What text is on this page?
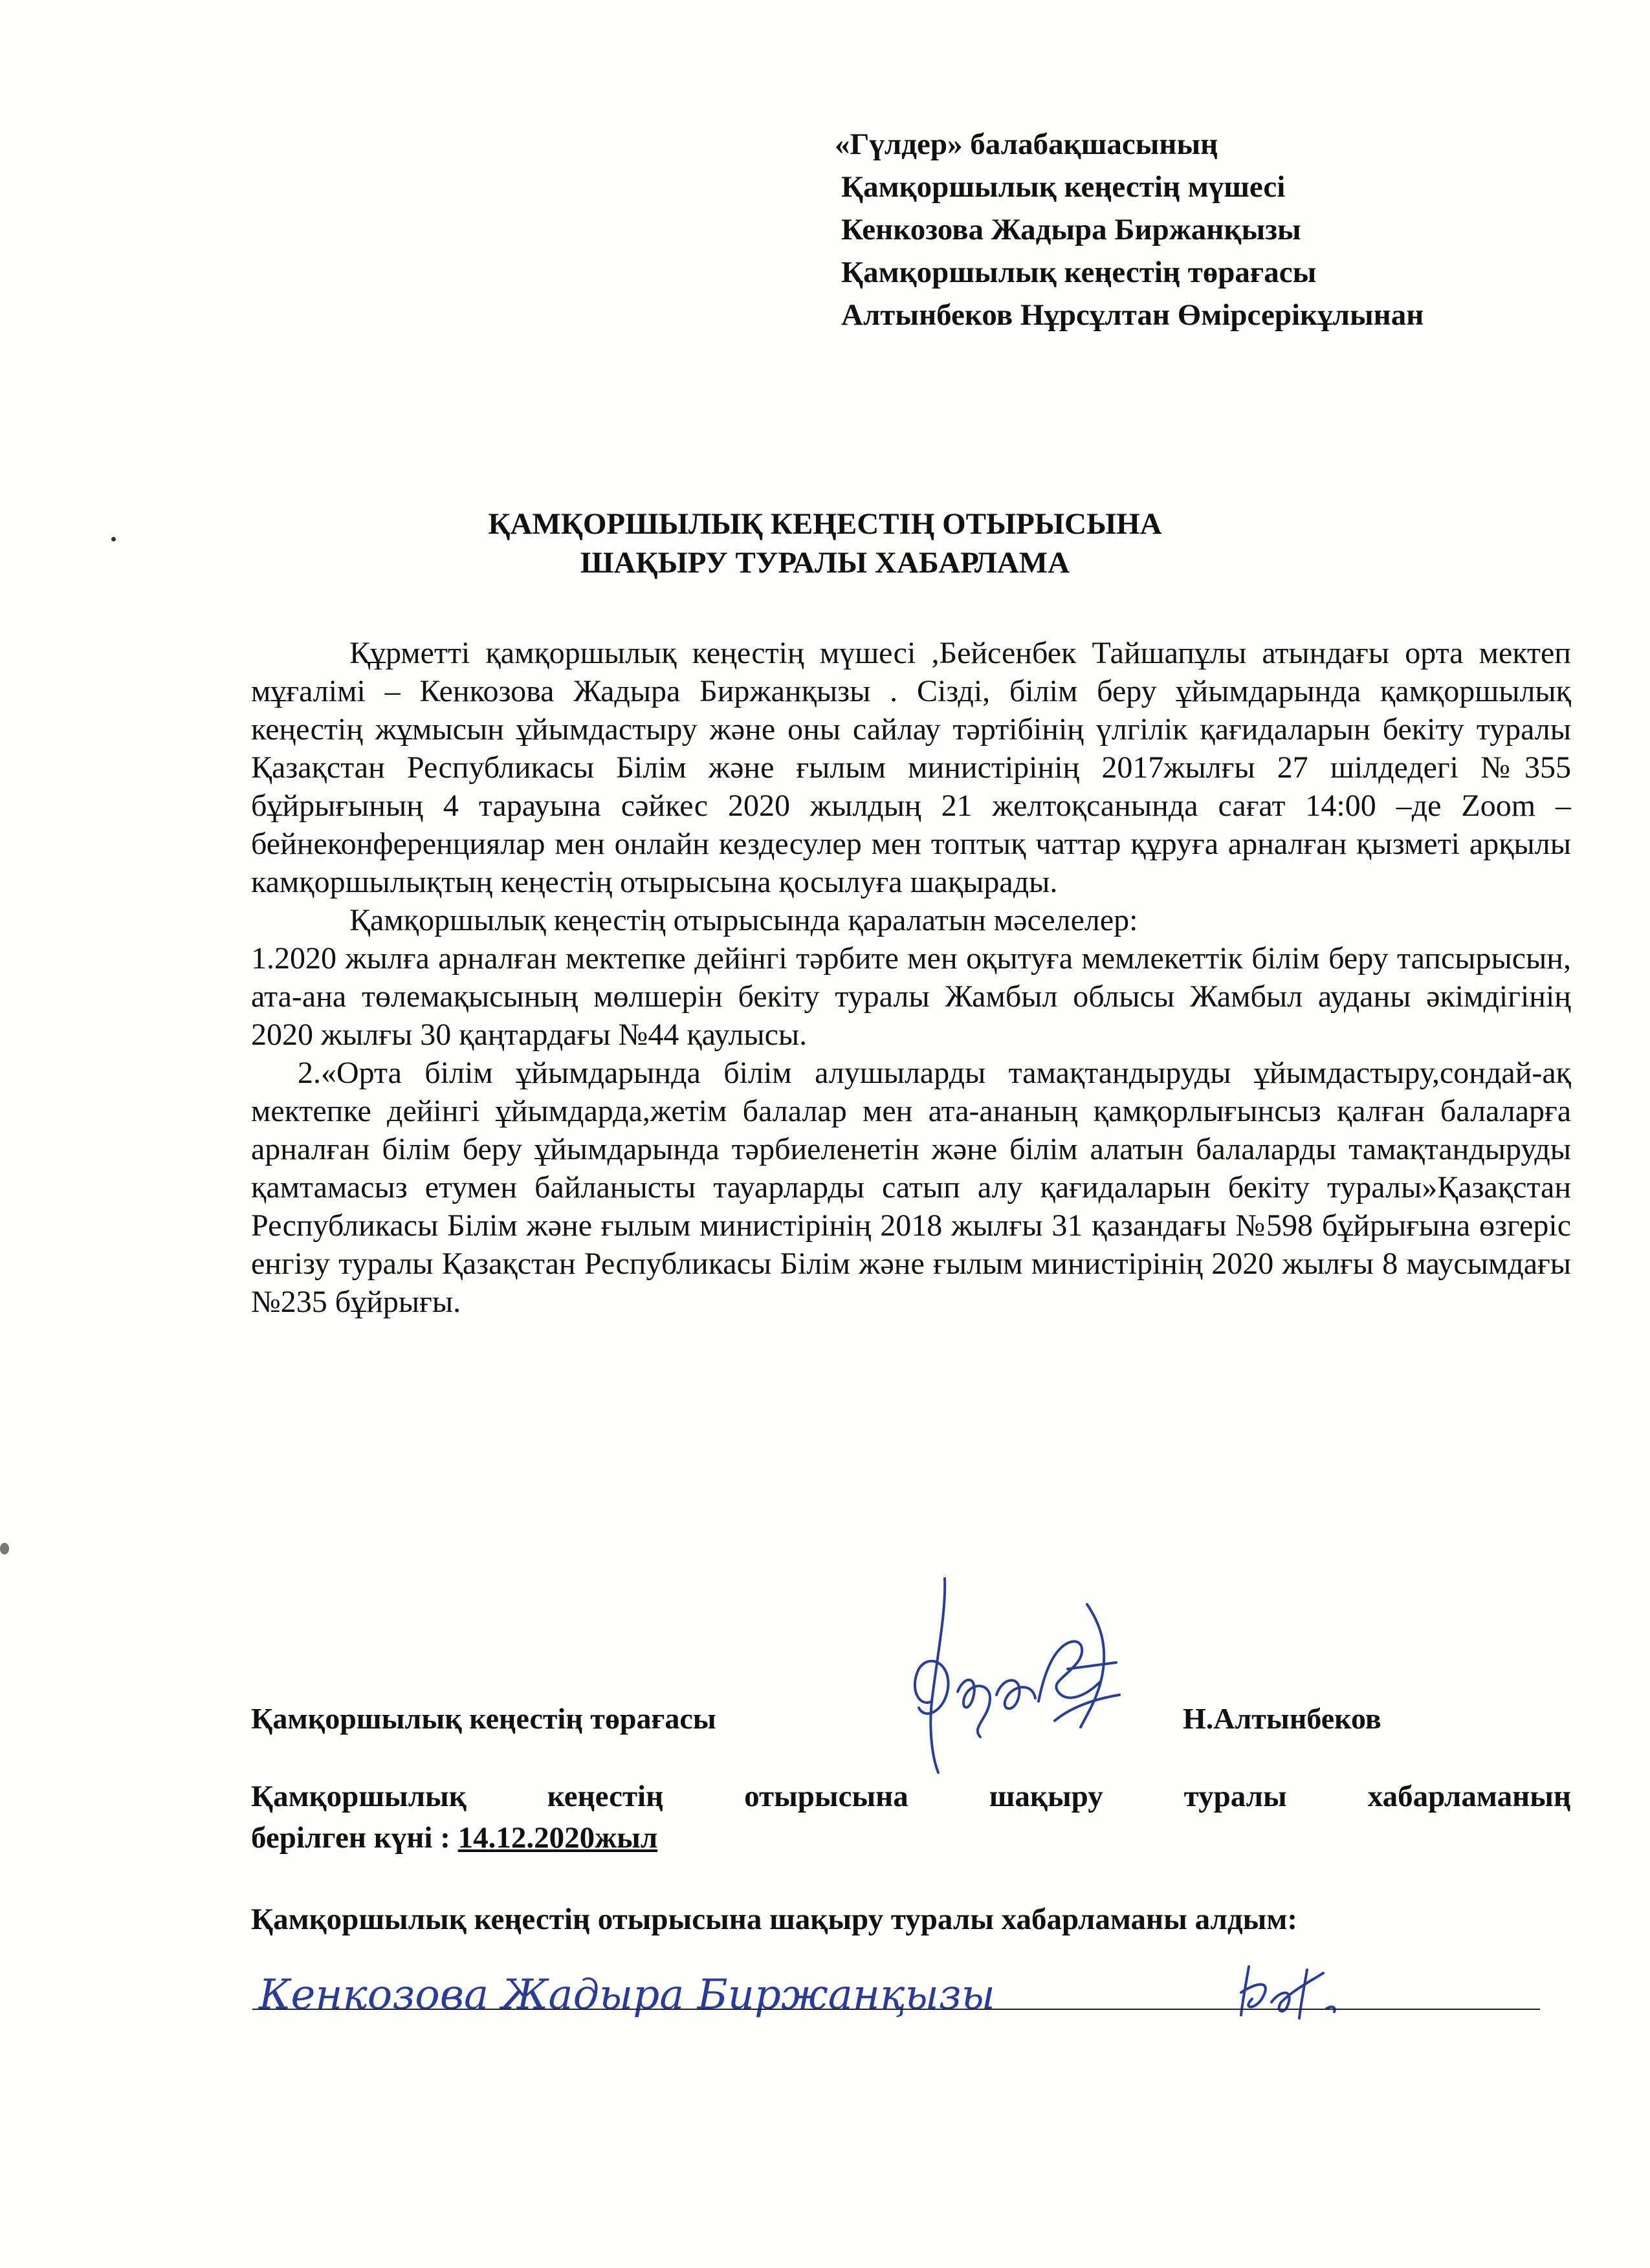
«Гүлдер» балабақшасының
Қамқоршылық кеңестің мүшесі
Кенкозова Жадыра Биржанқызы
Қамқоршылық кеңестің төрағасы
Алтынбеков Нұрсұлтан Өмірсерікұлынан
ҚАМҚОРШЫЛЫҚ КЕҢЕСТІҢ ОТЫРЫСЫНА
ШАҚЫРУ ТУРАЛЫ ХАБАРЛАМА

Құрметті қамқоршылық кеңестің мүшесі ,Бейсенбек Тайшапұлы атындағы орта мектеп мұғалімі – Кенкозова Жадыра Биржанқызы . Сізді, білім беру ұйымдарында қамқоршылық кеңестің жұмысын ұйымдастыру және оны сайлау тәртібінің үлгілік қағидаларын бекіту туралы Қазақстан Республикасы Білім және ғылым министірінің 2017жылғы 27 шілдедегі №355 бұйрығының 4 тарауына сәйкес 2020 жылдың 21 желтоқсанында сағат 14:00 –де Zoom – бейнеконференциялар мен онлайн кездесулер мен топтық чаттар құруға арналған қызметі арқылы камқоршылықтың кеңестің отырысына қосылуға шақырады.

Қамқоршылық кеңестің отырысында қаралатын мәселелер:

1.2020 жылға арналған мектепке дейінгі тәрбите мен оқытуға мемлекеттік білім беру тапсырысын, ата-ана төлемақысының мөлшерін бекіту туралы Жамбыл облысы Жамбыл ауданы әкімдігінің 2020 жылғы 30 қаңтардағы №44 қаулысы.

2.«Орта білім ұйымдарында білім алушыларды тамақтандыруды ұйымдастыру,сондай-ақ мектепке дейінгі ұйымдарда,жетім балалар мен ата-ананың қамқорлығынсыз қалған балаларға арналған білім беру ұйымдарында тәрбиеленетін және білім алатын балаларды тамақтандыруды қамтамасыз етумен байланысты тауарларды сатып алу қағидаларын бекіту туралы»Қазақстан Республикасы Білім және ғылым министірінің 2018 жылғы 31 қазандағы №598 бұйрығына өзгеріс енгізу туралы Қазақстан Республикасы Білім және ғылым министірінің 2020 жылғы 8 маусымдағы №235 бұйрығы.

Қамқоршылық кеңестің төрағасы	Н.Алтынбеков
Қамқоршылық	кеңестің	отырысына	шақыру	туралы	хабарламаның
берілген күні : 14.12.2020жыл
Қамқоршылық кеңестің отырысына шақыру туралы хабарламаны алдым:
Кенкозова Жадыра Биржанқызы
